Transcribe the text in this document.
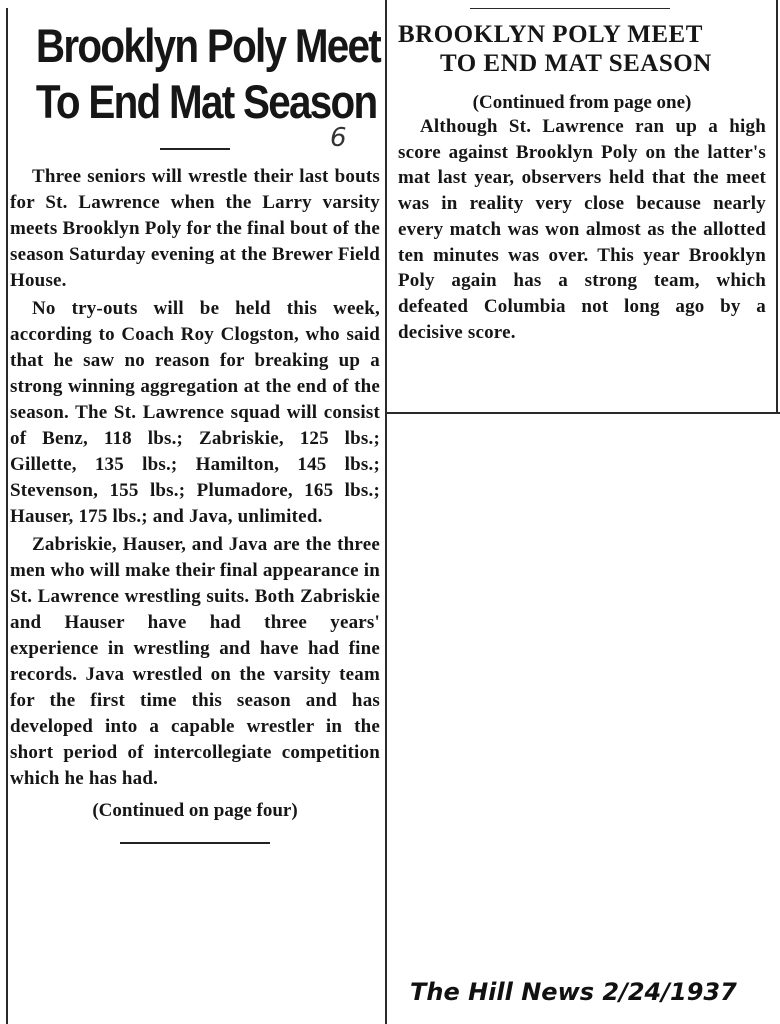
Brooklyn Poly Meet
To End Mat Season

Three seniors will wrestle their last bouts for St. Lawrence when the Larry varsity meets Brooklyn Poly for the final bout of the season Saturday evening at the Brewer Field House.

No try-outs will be held this week, according to Coach Roy Clogston, who said that he saw no reason for breaking up a strong winning aggregation at the end of the season. The St. Lawrence squad will consist of Benz, 118 lbs.; Zabriskie, 125 lbs.; Gillette, 135 lbs.; Hamilton, 145 lbs.; Stevenson, 155 lbs.; Plumadore, 165 lbs.; Hauser, 175 lbs.; and Java, unlimited.

Zabriskie, Hauser, and Java are the three men who will make their final appearance in St. Lawrence wrestling suits. Both Zabriskie and Hauser have had three years' experience in wrestling and have had fine records. Java wrestled on the varsity team for the first time this season and has developed into a capable wrestler in the short period of intercollegiate competition which he has had.

(Continued on page four)

6
BROOKLYN POLY MEET
TO END MAT SEASON

(Continued from page one)

Although St. Lawrence ran up a high score against Brooklyn Poly on the latter's mat last year, observers held that the meet was in reality very close because nearly every match was won almost as the allotted ten minutes was over. This year Brooklyn Poly again has a strong team, which defeated Columbia not long ago by a decisive score.

The Hill News 2/24/1937
